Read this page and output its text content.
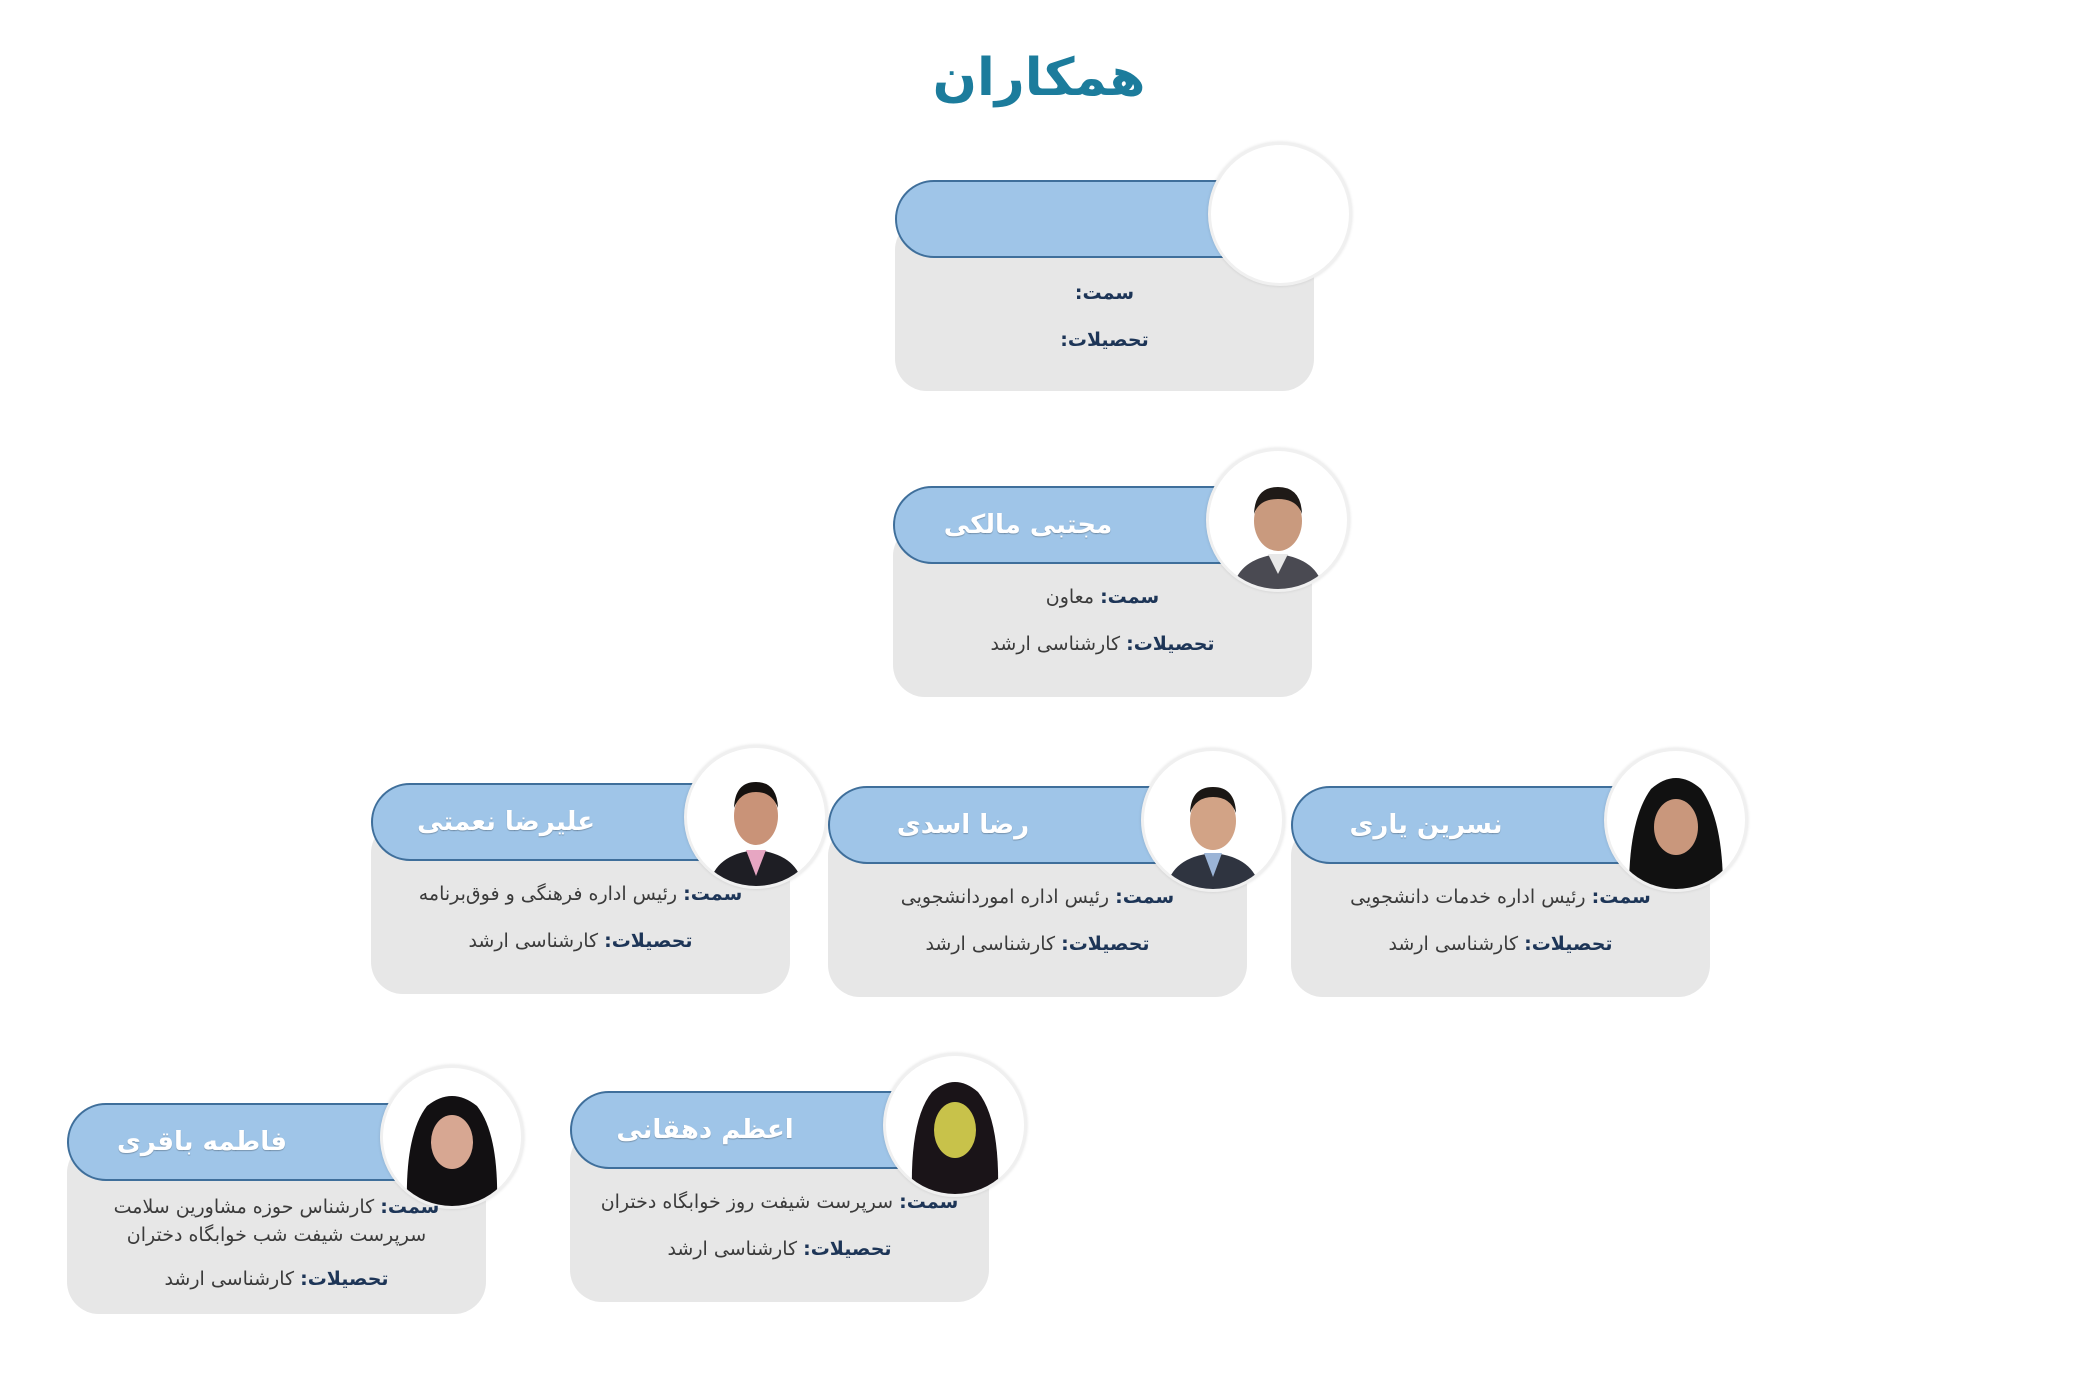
همکاران
سمت:
تحصیلات:
مجتبی مالکی
سمت: معاون
تحصیلات: کارشناسی ارشد
نسرین یاری
سمت: رئیس اداره خدمات دانشجویی
تحصیلات: کارشناسی ارشد
رضا اسدی
سمت: رئیس اداره اموردانشجویی
تحصیلات: کارشناسی ارشد
علیرضا نعمتی
سمت: رئیس اداره فرهنگی و فوق‌برنامه
تحصیلات: کارشناسی ارشد
اعظم دهقانی
سمت: سرپرست شیفت روز خوابگاه دختران
تحصیلات: کارشناسی ارشد
فاطمه باقری
سمت: کارشناس حوزه مشاورین سلامت
سرپرست شیفت شب خوابگاه دختران
تحصیلات: کارشناسی ارشد
